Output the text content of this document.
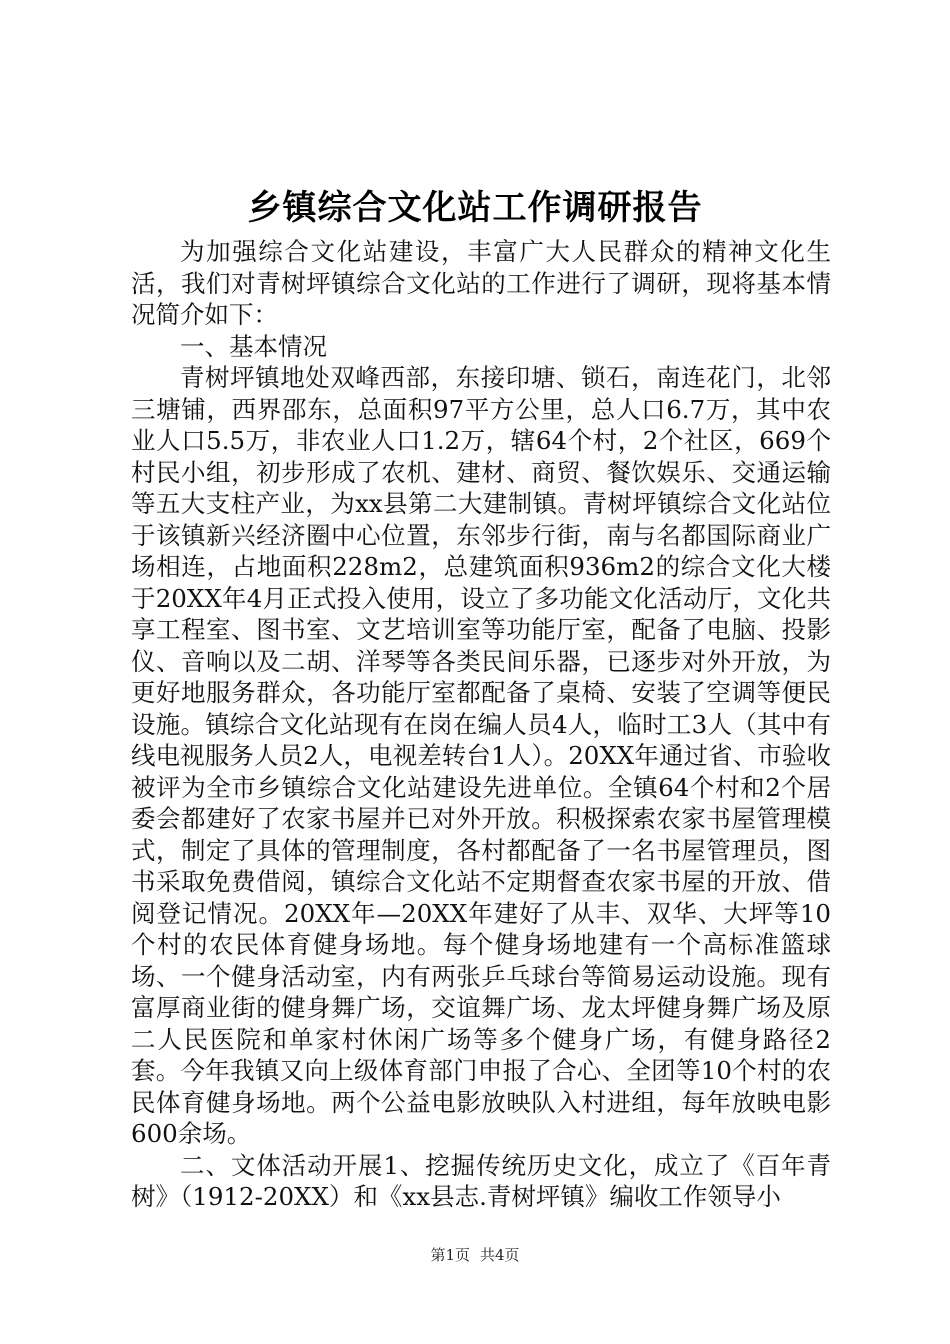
乡镇综合文化站工作调研报告

为加强综合文化站建设，丰富广大人民群众的精神文化生活，我们对青树坪镇综合文化站的工作进行了调研，现将基本情况简介如下：

一、基本情况

青树坪镇地处双峰西部，东接印塘、锁石，南连花门，北邻三塘铺，西界邵东，总面积97平方公里，总人口6.7万，其中农业人口5.5万，非农业人口1.2万，辖64个村，2个社区，669个村民小组，初步形成了农机、建材、商贸、餐饮娱乐、交通运输等五大支柱产业，为xx县第二大建制镇。青树坪镇综合文化站位于该镇新兴经济圈中心位置，东邻步行街，南与名都国际商业广场相连，占地面积228m2，总建筑面积936m2的综合文化大楼于20XX年4月正式投入使用，设立了多功能文化活动厅，文化共享工程室、图书室、文艺培训室等功能厅室，配备了电脑、投影仪、音响以及二胡、洋琴等各类民间乐器，已逐步对外开放，为更好地服务群众，各功能厅室都配备了桌椅、安装了空调等便民设施。镇综合文化站现有在岗在编人员4人，临时工3人（其中有线电视服务人员2人，电视差转台1人）。20XX年通过省、市验收被评为全市乡镇综合文化站建设先进单位。全镇64个村和2个居委会都建好了农家书屋并已对外开放。积极探索农家书屋管理模式，制定了具体的管理制度，各村都配备了一名书屋管理员，图书采取免费借阅，镇综合文化站不定期督查农家书屋的开放、借阅登记情况。20XX年—20XX年建好了从丰、双华、大坪等10个村的农民体育健身场地。每个健身场地建有一个高标准篮球场、一个健身活动室，内有两张乒乓球台等简易运动设施。现有富厚商业街的健身舞广场，交谊舞广场、龙太坪健身舞广场及原二人民医院和单家村休闲广场等多个健身广场，有健身路径2套。今年我镇又向上级体育部门申报了合心、全团等10个村的农民体育健身场地。两个公益电影放映队入村进组，每年放映电影600余场。

二、文体活动开展1、挖掘传统历史文化，成立了《百年青树》（1912-20XX）和《xx县志.青树坪镇》编收工作领导小

第1页 共4页
